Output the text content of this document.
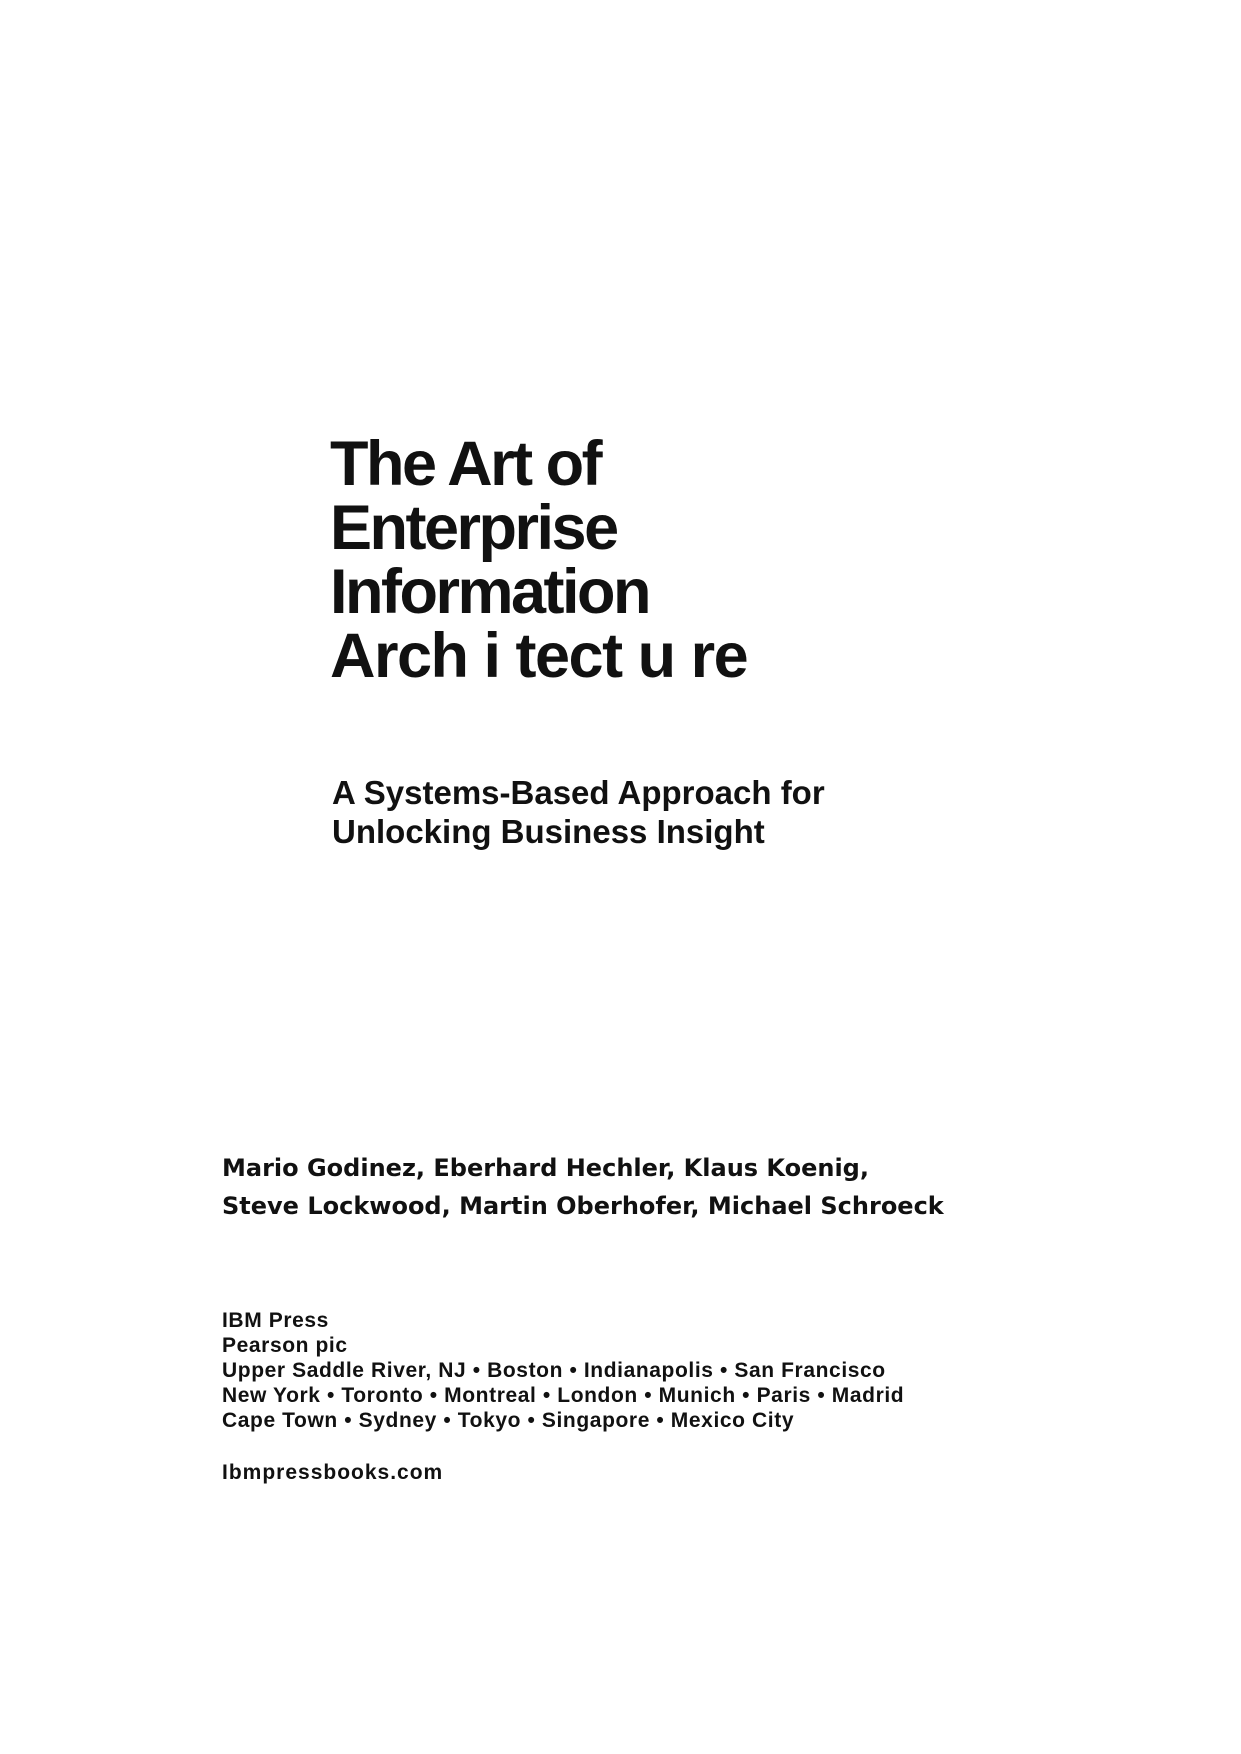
The Art of
Enterprise
Information
Arch i tect u re
A Systems-Based Approach for
Unlocking Business Insight
Mario Godinez, Eberhard Hechler, Klaus Koenig,
Steve Lockwood, Martin Oberhofer, Michael Schroeck
IBM Press
Pearson pic
Upper Saddle River, NJ • Boston • Indianapolis • San Francisco
New York • Toronto • Montreal • London • Munich • Paris • Madrid
Cape Town • Sydney • Tokyo • Singapore • Mexico City
Ibmpressbooks.com
